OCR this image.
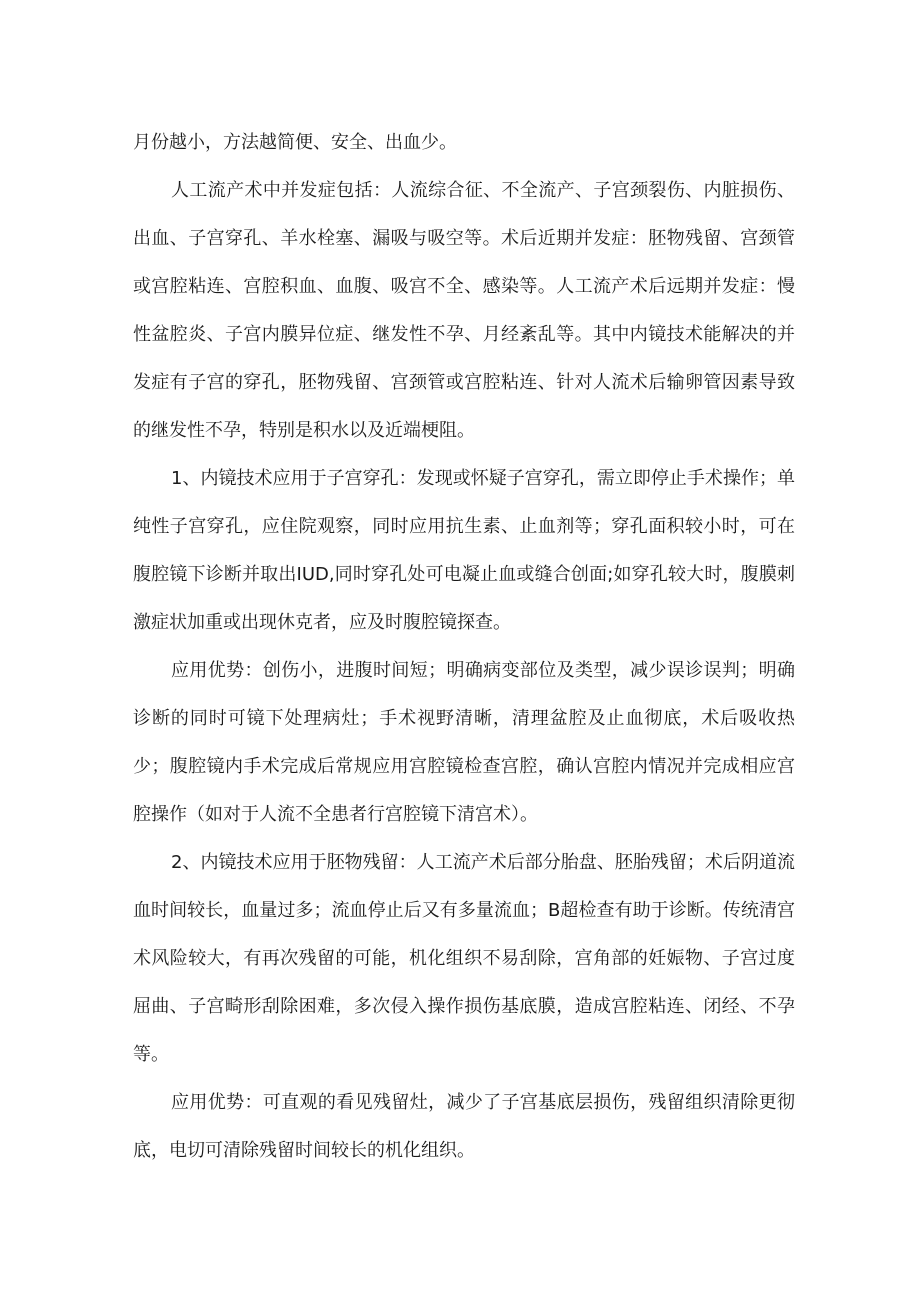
月份越小，方法越简便、安全、出血少。

人工流产术中并发症包括：人流综合征、不全流产、子宫颈裂伤、内脏损伤、出血、子宫穿孔、羊水栓塞、漏吸与吸空等。术后近期并发症：胚物残留、宫颈管或宫腔粘连、宫腔积血、血腹、吸宫不全、感染等。人工流产术后远期并发症：慢性盆腔炎、子宫内膜异位症、继发性不孕、月经紊乱等。其中内镜技术能解决的并发症有子宫的穿孔，胚物残留、宫颈管或宫腔粘连、针对人流术后输卵管因素导致的继发性不孕，特别是积水以及近端梗阻。

1、内镜技术应用于子宫穿孔：发现或怀疑子宫穿孔，需立即停止手术操作；单纯性子宫穿孔，应住院观察，同时应用抗生素、止血剂等；穿孔面积较小时，可在腹腔镜下诊断并取出IUD,同时穿孔处可电凝止血或缝合创面;如穿孔较大时，腹膜刺激症状加重或出现休克者，应及时腹腔镜探查。

应用优势：创伤小，进腹时间短；明确病变部位及类型，减少误诊误判；明确诊断的同时可镜下处理病灶；手术视野清晰，清理盆腔及止血彻底，术后吸收热少；腹腔镜内手术完成后常规应用宫腔镜检查宫腔，确认宫腔内情况并完成相应宫腔操作（如对于人流不全患者行宫腔镜下清宫术）。

2、内镜技术应用于胚物残留：人工流产术后部分胎盘、胚胎残留；术后阴道流血时间较长，血量过多；流血停止后又有多量流血；B超检查有助于诊断。传统清宫术风险较大，有再次残留的可能，机化组织不易刮除，宫角部的妊娠物、子宫过度屈曲、子宫畸形刮除困难，多次侵入操作损伤基底膜，造成宫腔粘连、闭经、不孕等。

应用优势：可直观的看见残留灶，减少了子宫基底层损伤，残留组织清除更彻底，电切可清除残留时间较长的机化组织。
